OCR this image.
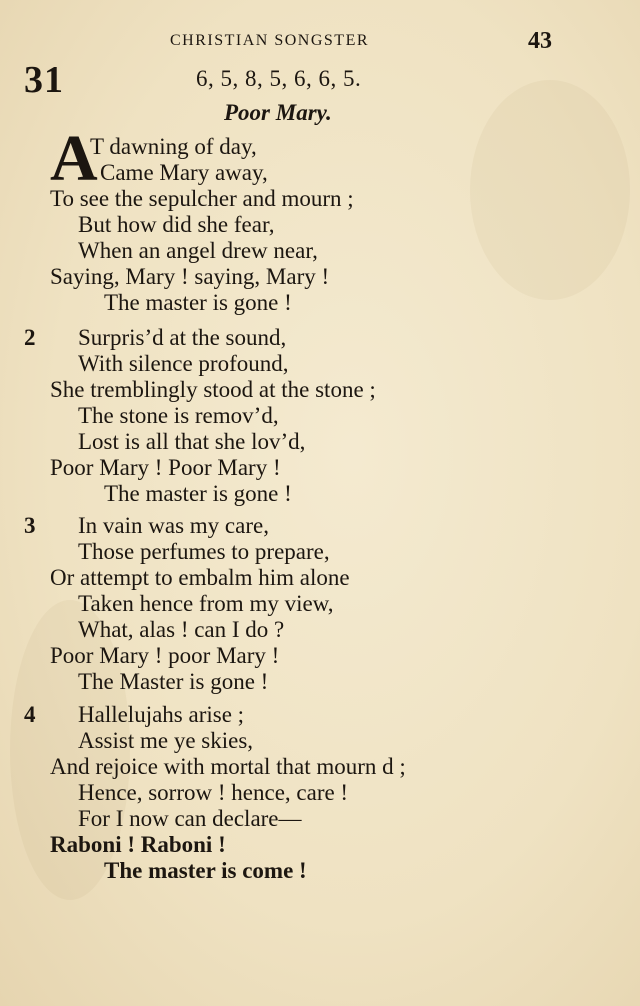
CHRISTIAN SONGSTER	43
31	6, 5, 8, 5, 6, 6, 5.
Poor Mary.
A
T dawning of day,
Came Mary away,
To see the sepulcher and mourn ;
But how did she fear,
When an angel drew near,
Saying, Mary ! saying, Mary !
The master is gone !
2 Surpris’d at the sound,
With silence profound,
She tremblingly stood at the stone ;
The stone is remov’d,
Lost is all that she lov’d,
Poor Mary ! Poor Mary !
The master is gone !
3 In vain was my care,
Those perfumes to prepare,
Or attempt to embalm him alone
Taken hence from my view,
What, alas ! can I do ?
Poor Mary ! poor Mary !
The Master is gone !
4 Hallelujahs arise ;
Assist me ye skies,
And rejoice with mortal that mourn d ;
Hence, sorrow ! hence, care !
For I now can declare—
Raboni ! Raboni !
The master is come !
